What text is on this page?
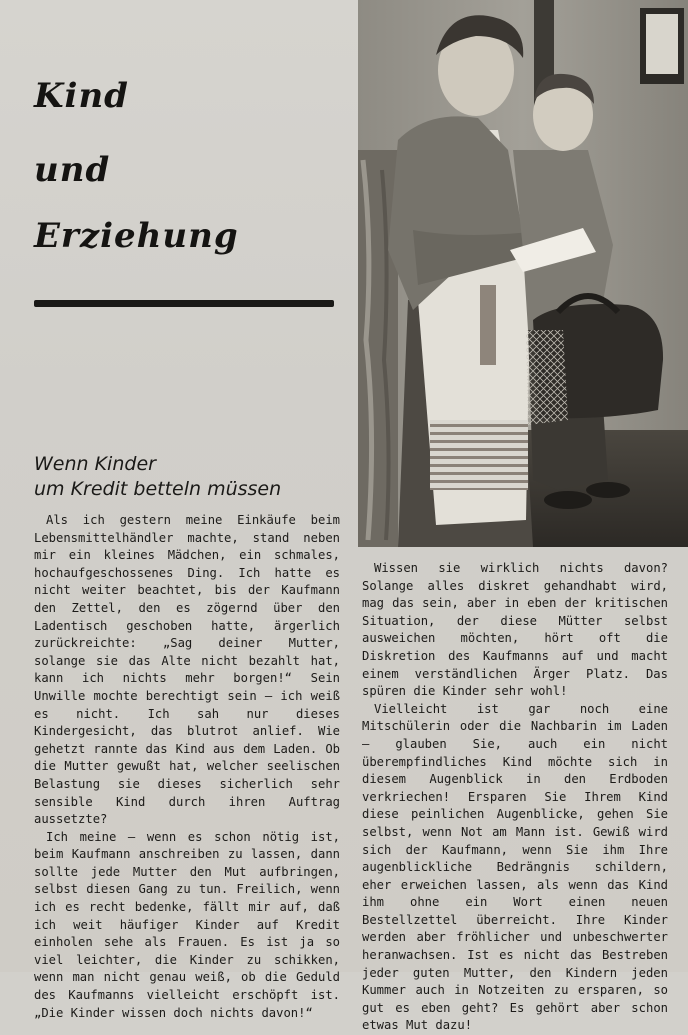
Kind
und
Erziehung
Wenn Kinder
um Kredit betteln müssen

Als ich gestern meine Einkäufe beim Lebensmittelhändler machte, stand neben mir ein kleines Mädchen, ein schmales, hochaufgeschossenes Ding. Ich hatte es nicht weiter beachtet, bis der Kaufmann den Zettel, den es zögernd über den Ladentisch geschoben hatte, ärgerlich zurückreichte: „Sag deiner Mutter, solange sie das Alte nicht bezahlt hat, kann ich nichts mehr borgen!“ Sein Unwille mochte berechtigt sein — ich weiß es nicht. Ich sah nur dieses Kindergesicht, das blutrot anlief. Wie gehetzt rannte das Kind aus dem Laden. Ob die Mutter gewußt hat, welcher seelischen Belastung sie dieses sicherlich sehr sensible Kind durch ihren Auftrag aussetzte?

Ich meine — wenn es schon nötig ist, beim Kaufmann anschreiben zu lassen, dann sollte jede Mutter den Mut aufbringen, selbst diesen Gang zu tun. Freilich, wenn ich es recht bedenke, fällt mir auf, daß ich weit häufiger Kinder auf Kredit einholen sehe als Frauen. Es ist ja so viel leichter, die Kinder zu schikken, wenn man nicht genau weiß, ob die Geduld des Kaufmanns vielleicht erschöpft ist. „Die Kinder wissen doch nichts davon!“

Wissen sie wirklich nichts davon? Solange alles diskret gehandhabt wird, mag das sein, aber in eben der kritischen Situation, der diese Mütter selbst ausweichen möchten, hört oft die Diskretion des Kaufmanns auf und macht einem verständlichen Ärger Platz. Das spüren die Kinder sehr wohl!

Vielleicht ist gar noch eine Mitschülerin oder die Nachbarin im Laden — glauben Sie, auch ein nicht überempfindliches Kind möchte sich in diesem Augenblick in den Erdboden verkriechen! Ersparen Sie Ihrem Kind diese peinlichen Augenblicke, gehen Sie selbst, wenn Not am Mann ist. Gewiß wird sich der Kaufmann, wenn Sie ihm Ihre augenblickliche Bedrängnis schildern, eher erweichen lassen, als wenn das Kind ihm ohne ein Wort einen neuen Bestellzettel überreicht. Ihre Kinder werden aber fröhlicher und unbeschwerter heranwachsen. Ist es nicht das Bestreben jeder guten Mutter, den Kindern jeden Kummer auch in Notzeiten zu ersparen, so gut es eben geht? Es gehört aber schon etwas Mut dazu!
